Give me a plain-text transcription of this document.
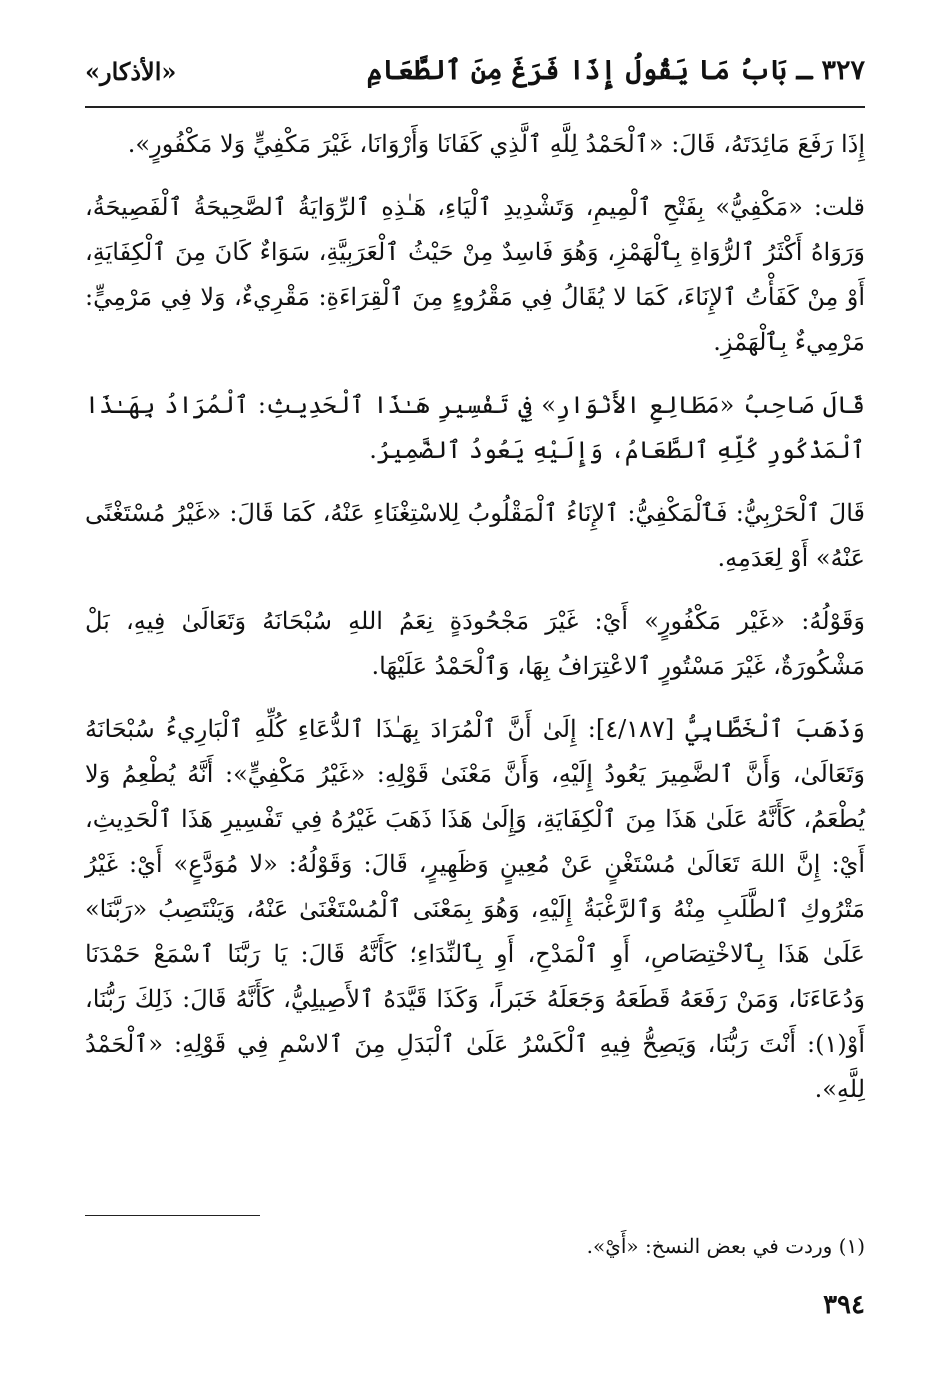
٣٢٧ ـ بَابُ مَا يَقُولُ إِذَا فَرَغَ مِنَ ٱلطَّعَامِ
«الأذكار»

إِذَا رَفَعَ مَائِدَتَهُ، قَالَ: «ٱلْحَمْدُ لِلَّهِ ٱلَّذِي كَفَانَا وَأَرْوَانَا، غَيْرَ مَكْفِيٍّ وَلا مَكْفُورٍ».

قلت: «مَكْفِيُّ» بِفَتْحِ ٱلْمِيمِ، وَتَشْدِيدِ ٱلْيَاءِ، هَـٰذِهِ ٱلرِّوَايَةُ ٱلصَّحِيحَةُ ٱلْفَصِيحَةُ، وَرَوَاهُ أَكْثَرُ ٱلرُّوَاةِ بِٱلْهَمْزِ، وَهُوَ فَاسِدٌ مِنْ حَيْثُ ٱلْعَرَبِيَّةِ، سَوَاءٌ كَانَ مِنَ ٱلْكِفَايَةِ، أَوْ مِنْ كَفَأْتُ ٱلإِنَاءَ، كَمَا لا يُقَالُ فِي مَقْرُوءٍ مِنَ ٱلْقِرَاءَةِ: مَقْرِيءٌ، وَلا فِي مَرْمِيٍّ: مَرْمِيءٌ بِٱلْهَمْزِ.

قَالَ صَاحِبُ «مَطَالِعِ الأَنْوَارِ» فِي تَفْسِيرِ هَـٰذَا ٱلْحَدِيثِ: ٱلْمُرَادُ بِهَـٰذَا ٱلْمَذْكُورِ كُلِّهِ ٱلطَّعَامُ، وَإِلَيْهِ يَعُودُ ٱلضَّمِيرُ.

قَالَ ٱلْحَرْبِيُّ: فَٱلْمَكْفِيُّ: ٱلإِنَاءُ ٱلْمَقْلُوبُ لِلاسْتِغْنَاءِ عَنْهُ، كَمَا قَالَ: «غَيْرُ مُسْتَغْنًى عَنْهُ» أَوْ لِعَدَمِهِ.

وَقَوْلُهُ: «غَيْر مَكْفُورٍ» أَيْ: غَيْرَ مَجْحُودَةٍ نِعَمُ اللهِ سُبْحَانَهُ وَتَعَالَىٰ فِيهِ، بَلْ مَشْكُورَةٌ، غَيْرَ مَسْتُورٍ ٱلاعْتِرَافُ بِهَا، وَٱلْحَمْدُ عَلَيْهَا.

وَذَهَبَ ٱلْخَطَّابِيُّ [٤/١٨٧]: إِلَىٰ أَنَّ ٱلْمُرَادَ بِهَـٰذَا ٱلدُّعَاءِ كُلِّهِ ٱلْبَارِيءُ سُبْحَانَهُ وَتَعَالَىٰ، وَأَنَّ ٱلضَّمِيرَ يَعُودُ إِلَيْهِ، وَأَنَّ مَعْنَىٰ قَوْلِهِ: «غَيْرُ مَكْفِيٍّ»: أَنَّهُ يُطْعِمُ وَلا يُطْعَمُ، كَأَنَّهُ عَلَىٰ هَذَا مِنَ ٱلْكِفَايَةِ، وَإِلَىٰ هَذَا ذَهَبَ غَيْرُهُ فِي تَفْسِيرِ هَذَا ٱلْحَدِيثِ، أَيْ: إِنَّ اللهَ تَعَالَىٰ مُسْتَغْنٍ عَنْ مُعِينٍ وَظَهِيرٍ، قَالَ: وَقَوْلُهُ: «لا مُوَدَّعٍ» أَيْ: غَيْرُ مَتْرُوكِ ٱلطَّلَبِ مِنْهُ وَٱلرَّغْبَةُ إِلَيْهِ، وَهُوَ بِمَعْنَى ٱلْمُسْتَغْنَىٰ عَنْهُ، وَيَنْتَصِبُ «رَبَّنَا» عَلَىٰ هَذَا بِٱلاخْتِصَاصِ، أَوِ ٱلْمَدْحِ، أَوِ بِٱلنِّدَاءِ؛ كَأَنَّهُ قَالَ: يَا رَبَّنَا ٱسْمَعْ حَمْدَنَا وَدُعَاءَنَا، وَمَنْ رَفَعَهُ قَطَعَهُ وَجَعَلَهُ خَبَراً، وَكَذَا قَيَّدَهُ ٱلأَصِيلِيُّ، كَأَنَّهُ قَالَ: ذَلِكَ رَبُّنَا، أَوْ(١): أَنْتَ رَبُّنَا، وَيَصِحُّ فِيهِ ٱلْكَسْرُ عَلَىٰ ٱلْبَدَلِ مِنَ ٱلاسْمِ فِي قَوْلِهِ: «ٱلْحَمْدُ لِلَّهِ».

(١) وردت في بعض النسخ: «أَيْ».
٣٩٤
